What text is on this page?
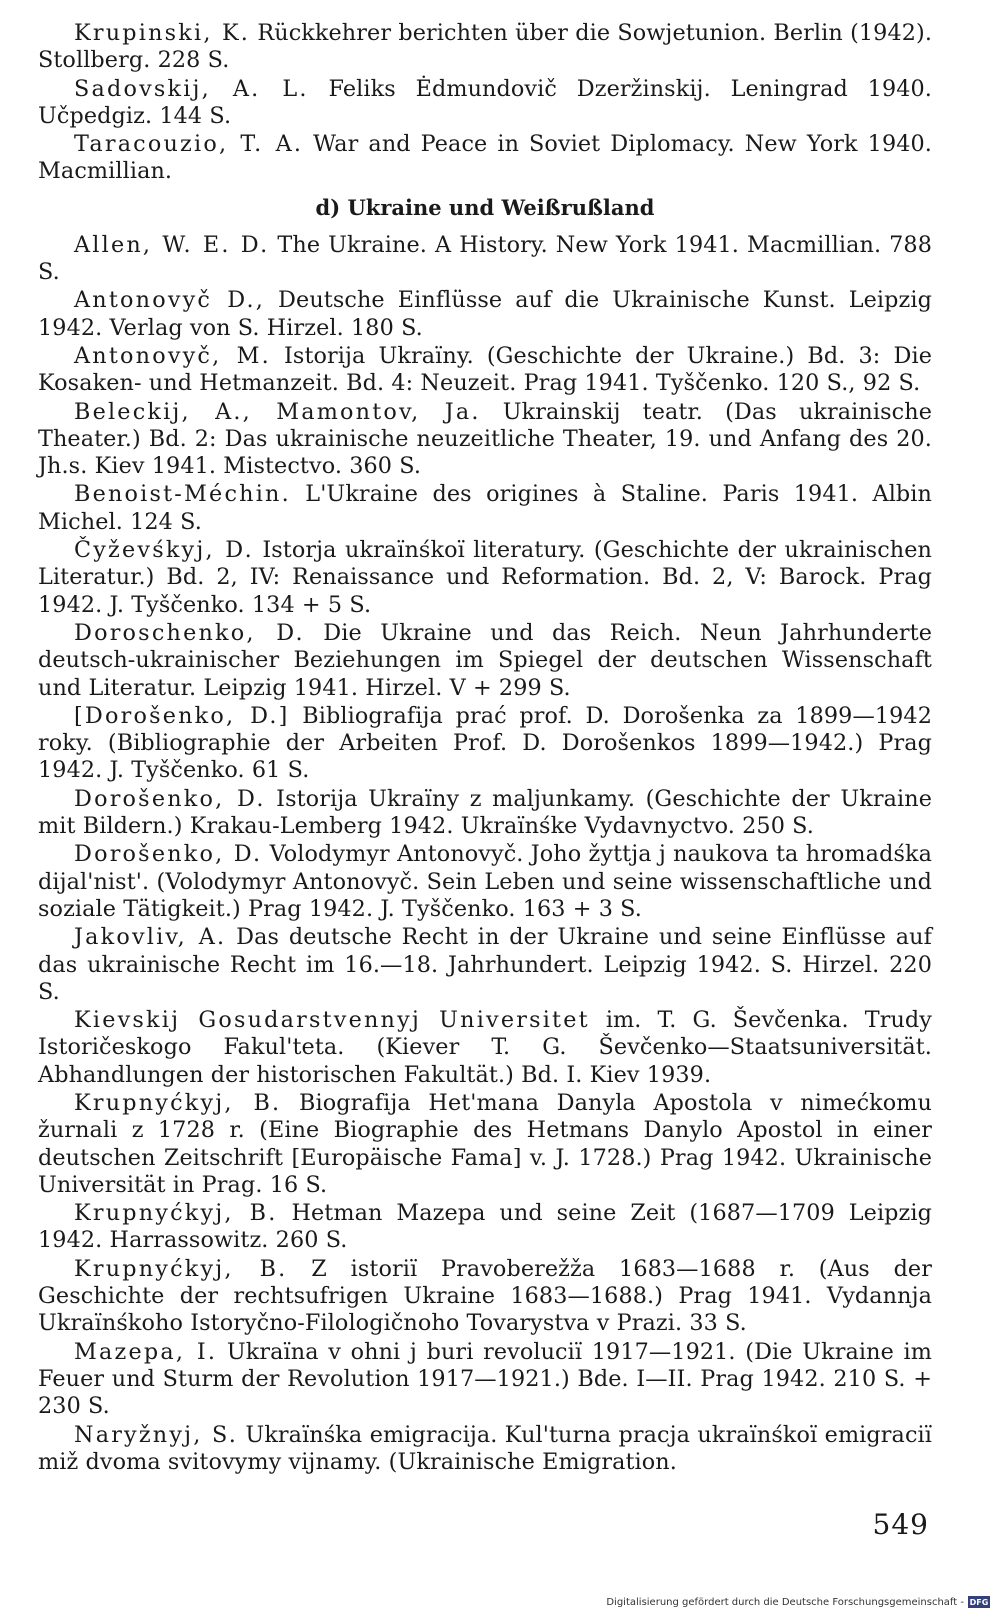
Krupinski, K. Rückkehrer berichten über die Sowjetunion. Berlin (1942). Stollberg. 228 S.

Sadovskij, A. L. Feliks Ėdmundovič Dzeržinskij. Leningrad 1940. Učpedgiz. 144 S.

Taracouzio, T. A. War and Peace in Soviet Diplomacy. New York 1940. Macmillian.

d) Ukraine und Weißrußland

Allen, W. E. D. The Ukraine. A History. New York 1941. Macmillian. 788 S.

Antonovyč D., Deutsche Einflüsse auf die Ukrainische Kunst. Leipzig 1942. Verlag von S. Hirzel. 180 S.

Antonovyč, M. Istorija Ukraïny. (Geschichte der Ukraine.) Bd. 3: Die Kosaken- und Hetmanzeit. Bd. 4: Neuzeit. Prag 1941. Tyščenko. 120 S., 92 S.

Beleckij, A., Mamontov, Ja. Ukrainskij teatr. (Das ukrainische Theater.) Bd. 2: Das ukrainische neuzeitliche Theater, 19. und Anfang des 20. Jh.s. Kiev 1941. Mistectvo. 360 S.

Benoist-Méchin. L'Ukraine des origines à Staline. Paris 1941. Albin Michel. 124 S.

Čyževśkyj, D. Istorja ukraïnśkoï literatury. (Geschichte der ukrainischen Literatur.) Bd. 2, IV: Renaissance und Reformation. Bd. 2, V: Barock. Prag 1942. J. Tyščenko. 134 + 5 S.

Doroschenko, D. Die Ukraine und das Reich. Neun Jahrhunderte deutsch-ukrainischer Beziehungen im Spiegel der deutschen Wissenschaft und Literatur. Leipzig 1941. Hirzel. V + 299 S.

[Dorošenko, D.] Bibliografija prać prof. D. Dorošenka za 1899—1942 roky. (Bibliographie der Arbeiten Prof. D. Dorošenkos 1899—1942.) Prag 1942. J. Tyščenko. 61 S.

Dorošenko, D. Istorija Ukraïny z maljunkamy. (Geschichte der Ukraine mit Bildern.) Krakau-Lemberg 1942. Ukraïnśke Vydavnyctvo. 250 S.

Dorošenko, D. Volodymyr Antonovyč. Joho žyttja j naukova ta hromadśka dijal'nist'. (Volodymyr Antonovyč. Sein Leben und seine wissenschaftliche und soziale Tätigkeit.) Prag 1942. J. Tyščenko. 163 + 3 S.

Jakovliv, A. Das deutsche Recht in der Ukraine und seine Einflüsse auf das ukrainische Recht im 16.—18. Jahrhundert. Leipzig 1942. S. Hirzel. 220 S.

Kievskij Gosudarstvennyj Universitet im. T. G. Ševčenka. Trudy Istoričeskogo Fakul'teta. (Kiever T. G. Ševčenko—Staatsuniversität. Abhandlungen der historischen Fakultät.) Bd. I. Kiev 1939.

Krupnyćkyj, B. Biografija Het'mana Danyla Apostola v nimećkomu žurnali z 1728 r. (Eine Biographie des Hetmans Danylo Apostol in einer deutschen Zeitschrift [Europäische Fama] v. J. 1728.) Prag 1942. Ukrainische Universität in Prag. 16 S.

Krupnyćkyj, B. Hetman Mazepa und seine Zeit (1687—1709 Leipzig 1942. Harrassowitz. 260 S.

Krupnyćkyj, B. Z istoriï Pravoberežža 1683—1688 r. (Aus der Geschichte der rechtsufrigen Ukraine 1683—1688.) Prag 1941. Vydannja Ukraïnśkoho Istoryčno-Filologičnoho Tovarystva v Prazi. 33 S.

Mazepa, I. Ukraïna v ohni j buri revoluciï 1917—1921. (Die Ukraine im Feuer und Sturm der Revolution 1917—1921.) Bde. I—II. Prag 1942. 210 S. + 230 S.

Naryžnyj, S. Ukraïnśka emigracija. Kul'turna pracja ukraïnśkoï emigraciï miž dvoma svitovymy vijnamy. (Ukrainische Emigration.

549
Digitalisierung gefördert durch die Deutsche Forschungsgemeinschaft - DFG
